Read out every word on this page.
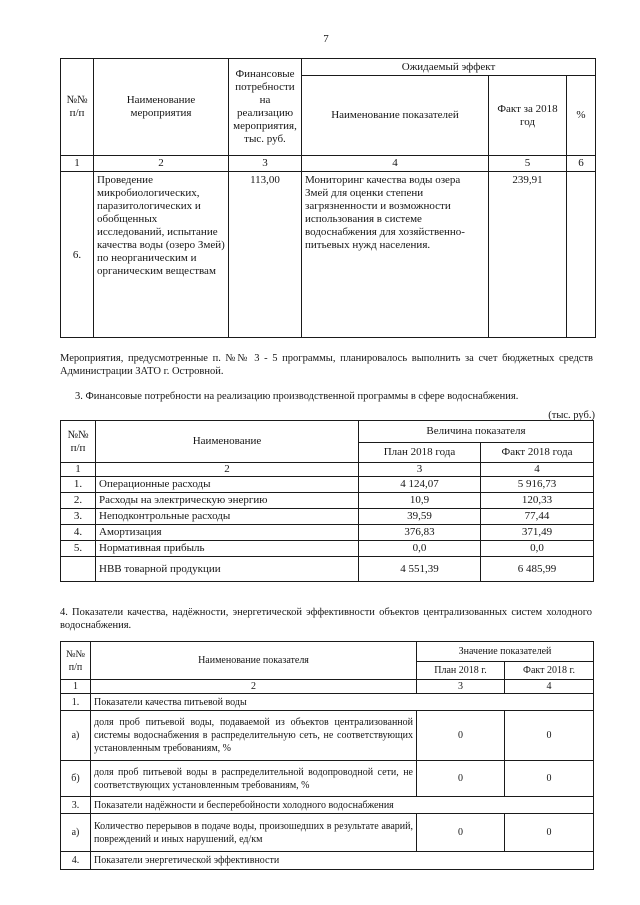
7
№№ п/п	Наименование мероприятия	Финансовые потребности на реализацию мероприятия, тыс. руб.	Ожидаемый эффект		
			Наименование показателей	Факт за 2018 год	%
1	2	3	4	5	6
6.	Проведение микробиологических, паразитологических и обобщенных исследований, испытание качества воды (озеро Змей) по неорганическим и органическим веществам	113,00	Мониторинг качества воды озера Змей для оценки степени загрязненности и возможности использования в системе водоснабжения для хозяйственно-питьевых нужд населения.	239,91	
Мероприятия, предусмотренные п. №№ 3 - 5 программы, планировалось выполнить за счет бюджетных средств Администрации ЗАТО г. Островной.
3. Финансовые потребности на реализацию производственной программы в сфере водоснабжения.
(тыс. руб.)
№№ п/п	Наименование	Величина показателя	
		План 2018 года	Факт 2018 года
1	2	3	4
1.	Операционные расходы	4 124,07	5 916,73
2.	Расходы на электрическую энергию	10,9	120,33
3.	Неподконтрольные расходы	39,59	77,44
4.	Амортизация	376,83	371,49
5.	Нормативная прибыль	0,0	0,0
	НВВ товарной продукции	4 551,39	6 485,99
4. Показатели качества, надёжности, энергетической эффективности объектов централизованных систем холодного водоснабжения.
№№ п/п	Наименование показателя	Значение показателей	
		План 2018 г.	Факт 2018 г.
1	2	3	4
1.	Показатели качества питьевой воды		
а)	доля проб питьевой воды, подаваемой из объектов централизованной системы водоснабжения в распределительную сеть, не соответствующих установленным требованиям, %	0	0
б)	доля проб питьевой воды в распределительной водопроводной сети, не соответствующих установленным требованиям, %	0	0
3.	Показатели надёжности и бесперебойности холодного водоснабжения		
а)	Количество перерывов в подаче воды, произошедших в результате аварий, повреждений и иных нарушений, ед/км	0	0
4.	Показатели энергетической эффективности		
